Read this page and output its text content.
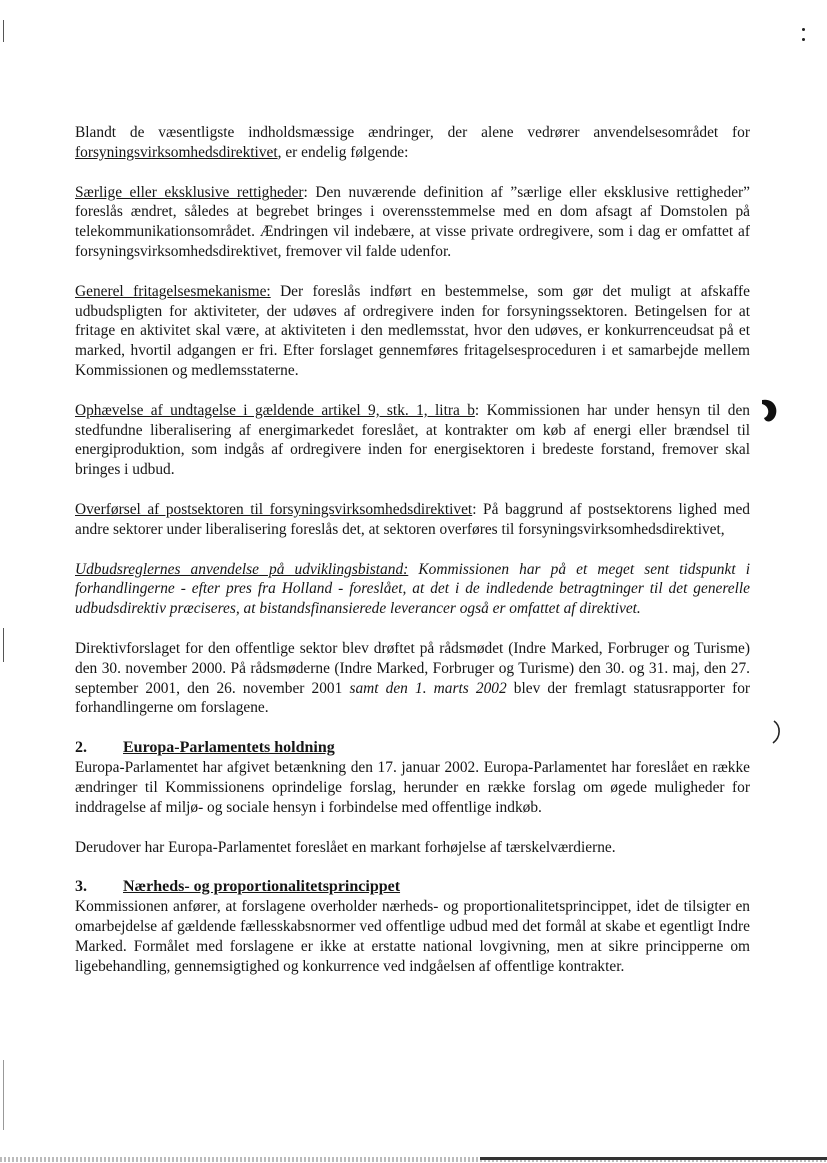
Blandt de væsentligste indholdsmæssige ændringer, der alene vedrører anvendelsesområdet for forsyningsvirksomhedsdirektivet, er endelig følgende:

Særlige eller eksklusive rettigheder: Den nuværende definition af ”særlige eller eksklusive rettigheder” foreslås ændret, således at begrebet bringes i overensstemmelse med en dom afsagt af Domstolen på telekommunikationsområdet. Ændringen vil indebære, at visse private ordregivere, som i dag er omfattet af forsyningsvirksomhedsdirektivet, fremover vil falde udenfor.

Generel fritagelsesmekanisme: Der foreslås indført en bestemmelse, som gør det muligt at afskaffe udbudspligten for aktiviteter, der udøves af ordregivere inden for forsyningssektoren. Betingelsen for at fritage en aktivitet skal være, at aktiviteten i den medlemsstat, hvor den udøves, er konkurrenceudsat på et marked, hvortil adgangen er fri. Efter forslaget gennemføres fritagelsesproceduren i et samarbejde mellem Kommissionen og medlemsstaterne.

Ophævelse af undtagelse i gældende artikel 9, stk. 1, litra b: Kommissionen har under hensyn til den stedfundne liberalisering af energimarkedet foreslået, at kontrakter om køb af energi eller brændsel til energiproduktion, som indgås af ordregivere inden for energisektoren i bredeste forstand, fremover skal bringes i udbud.

Overførsel af postsektoren til forsyningsvirksomhedsdirektivet: På baggrund af postsektorens lighed med andre sektorer under liberalisering foreslås det, at sektoren overføres til forsyningsvirksomhedsdirektivet,

Udbudsreglernes anvendelse på udviklingsbistand: Kommissionen har på et meget sent tidspunkt i forhandlingerne - efter pres fra Holland - foreslået, at det i de indledende betragtninger til det generelle udbudsdirektiv præciseres, at bistandsfinansierede leverancer også er omfattet af direktivet.

Direktivforslaget for den offentlige sektor blev drøftet på rådsmødet (Indre Marked, Forbruger og Turisme) den 30. november 2000. På rådsmøderne (Indre Marked, Forbruger og Turisme) den 30. og 31. maj, den 27. september 2001, den 26. november 2001 samt den 1. marts 2002 blev der fremlagt statusrapporter for forhandlingerne om forslagene.

2. Europa-Parlamentets holdning

Europa-Parlamentet har afgivet betænkning den 17. januar 2002. Europa-Parlamentet har foreslået en række ændringer til Kommissionens oprindelige forslag, herunder en række forslag om øgede muligheder for inddragelse af miljø- og sociale hensyn i forbindelse med offentlige indkøb.

Derudover har Europa-Parlamentet foreslået en markant forhøjelse af tærskelværdierne.

3. Nærheds- og proportionalitetsprincippet

Kommissionen anfører, at forslagene overholder nærheds- og proportionalitetsprincippet, idet de tilsigter en omarbejdelse af gældende fællesskabsnormer ved offentlige udbud med det formål at skabe et egentligt Indre Marked. Formålet med forslagene er ikke at erstatte national lovgivning, men at sikre principperne om ligebehandling, gennemsigtighed og konkurrence ved indgåelsen af offentlige kontrakter.
